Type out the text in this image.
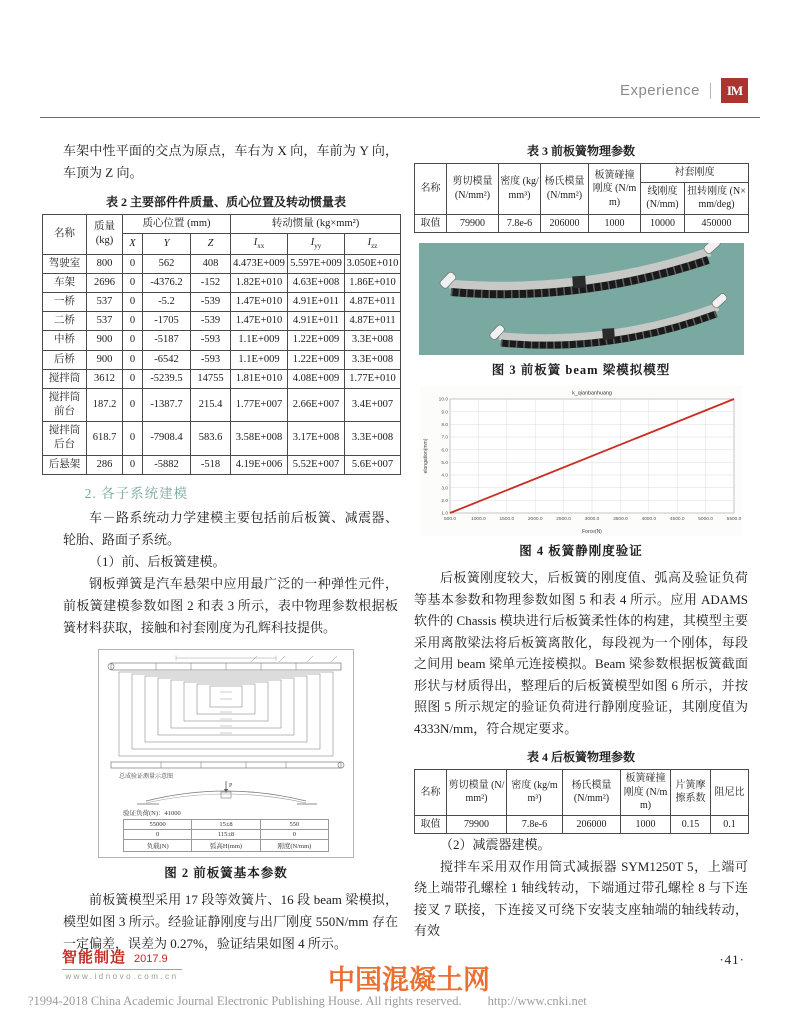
Experience	IM

车架中性平面的交点为原点，车右为 X 向，车前为 Y 向，车顶为 Z 向。

表 2 主要部件件质量、质心位置及转动惯量表
名称	质量
(kg)	质心位置 (mm)			转动惯量 (kg×mm²)		
		X	Y	Z	$I_{xx}$	$I_{yy}$	$I_{zz}$
驾驶室	800	0	562	408	4.473E+009	5.597E+009	3.050E+010
车架	2696	0	-4376.2	-152	1.82E+010	4.63E+008	1.86E+010
一桥	537	0	-5.2	-539	1.47E+010	4.91E+011	4.87E+011
二桥	537	0	-1705	-539	1.47E+010	4.91E+011	4.87E+011
中桥	900	0	-5187	-593	1.1E+009	1.22E+009	3.3E+008
后桥	900	0	-6542	-593	1.1E+009	1.22E+009	3.3E+008
搅拌筒	3612	0	-5239.5	14755	1.81E+010	4.08E+009	1.77E+010
搅拌筒前台	187.2	0	-1387.7	215.4	1.77E+007	2.66E+007	3.4E+007
搅拌筒后台	618.7	0	-7908.4	583.6	3.58E+008	3.17E+008	3.3E+008
后悬架	286	0	-5882	-518	4.19E+006	5.52E+007	5.6E+007
2. 各子系统建模

车－路系统动力学建模主要包括前后板簧、减震器、轮胎、路面子系统。

（1）前、后板簧建模。

钢板弹簧是汽车悬架中应用最广泛的一种弹性元件，前板簧建模参数如图 2 和表 3 所示，表中物理参数根据板簧材料获取，接触和衬套刚度为孔辉科技提供。

总成验证测量示意图
P
验证负荷(N)：41000
55000	15±8	550
0	115±8	0
负载(N)	弧高H(mm)	刚度(N/mm)
图 2 前板簧基本参数

前板簧模型采用 17 段等效簧片、16 段 beam 梁模拟，模型如图 3 所示。经验证静刚度与出厂刚度 550N/mm 存在一定偏差，误差为 0.27%，验证结果如图 4 所示。

表 3 前板簧物理参数
名称	剪切模量 (N/mm²)	密度 (kg/mm³)	杨氏模量 (N/mm²)	板簧碰撞刚度 (N/mm)	衬套刚度	
					线刚度 (N/mm)	扭转刚度 (N×mm/deg)
取值	79900	7.8e-6	206000	1000	10000	450000
图 3 前板簧 beam 梁模拟模型
500.0	1000.0	1500.0	2000.0	2500.0	3000.0	3500.0	4000.0	4500.0	5000.0	5500.0
1.0
2.0
3.0
4.0
5.0
6.0
7.0
8.0
9.0
10.0
k_qianbanhuang
Force(N)
elongation(mm)
图 4 板簧静刚度验证

后板簧刚度较大，后板簧的刚度值、弧高及验证负荷等基本参数和物理参数如图 5 和表 4 所示。应用 ADAMS 软件的 Chassis 模块进行后板簧柔性体的构建，其模型主要采用离散梁法将后板簧离散化，每段视为一个刚体，每段之间用 beam 梁单元连接模拟。Beam 梁参数根据板簧截面形状与材质得出，整理后的后板簧模型如图 6 所示，并按照图 5 所示规定的验证负荷进行静刚度验证，其刚度值为 4333N/mm，符合规定要求。

表 4 后板簧物理参数
名称	剪切模量 (N/mm²)	密度 (kg/mm³)	杨氏模量 (N/mm²)	板簧碰撞刚度 (N/mm)	片簧摩擦系数	阻尼比
取值	79900	7.8e-6	206000	1000	0.15	0.1

（2）减震器建模。

搅拌车采用双作用筒式减振器 SYM1250T 5，上端可绕上端带孔螺栓 1 轴线转动，下端通过带孔螺栓 8 与下连接叉 7 联接，下连接叉可绕下安装支座轴端的轴线转动，有效

智能制造 2017.9
www.idnovo.com.cn
·41·
中国混凝土网
?1994-2018 China Academic Journal Electronic Publishing House. All rights reserved. http://www.cnki.net
